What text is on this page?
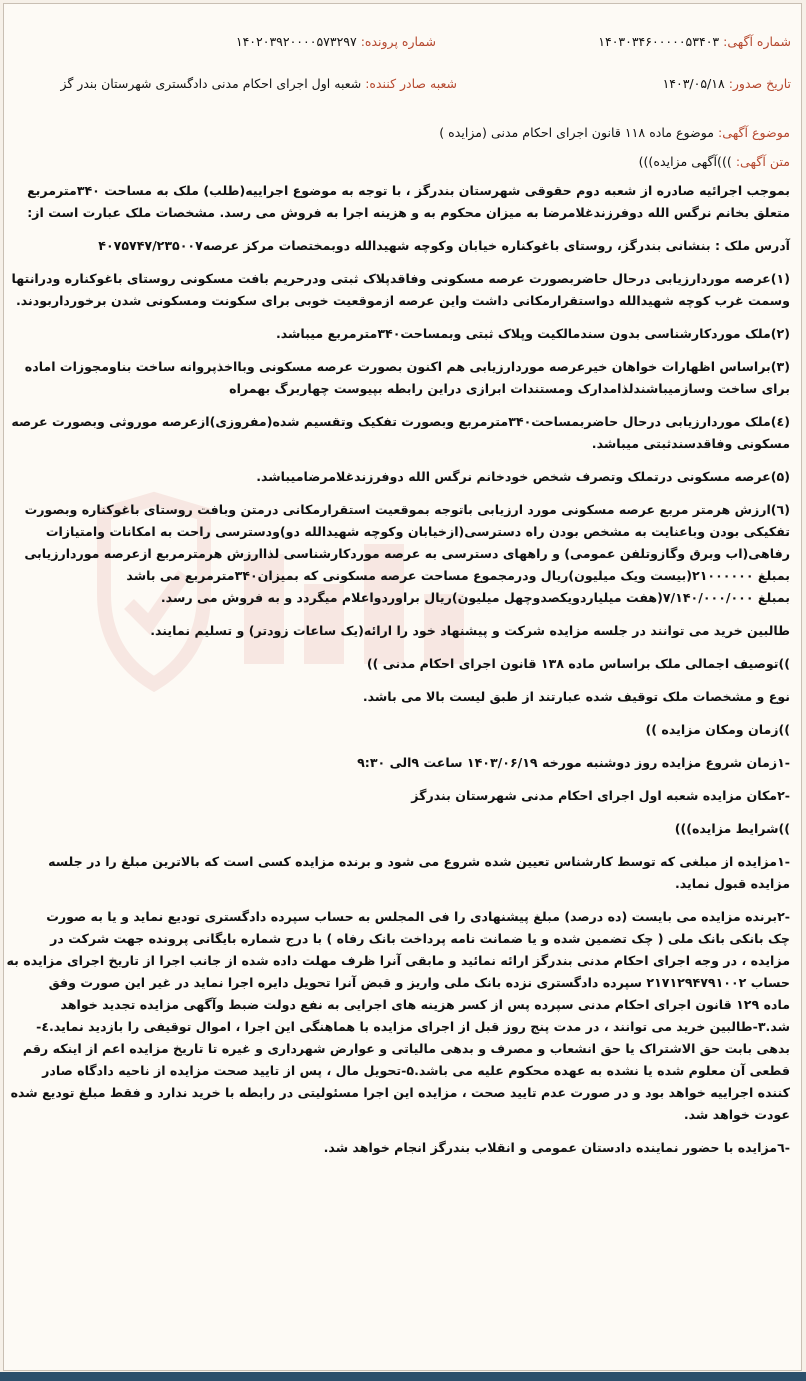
شماره آگهی: ۱۴۰۳۰۳۴۶۰۰۰۰۰۵۳۴۰۳
شماره پرونده: ۱۴۰۲۰۳۹۲۰۰۰۰۵۷۳۲۹۷
تاریخ صدور: ۱۴۰۳/۰۵/۱۸
شعبه صادر کننده: شعبه اول اجرای احکام مدنی دادگستری شهرستان بندر گز

موضوع آگهی: موضوع ماده ۱۱۸ قانون اجرای احکام مدنی (مزایده )

متن آگهی: )))آگهی مزایده)))

بموجب اجرائیه صادره از شعبه دوم حقوقی شهرستان بندرگز ، با توجه به موضوع اجراییه(طلب) ملک به مساحت ۳۴۰مترمربع

متعلق بخانم نرگس الله دوفرزندغلامرضا به میزان محکوم به و هزینه اجرا به فروش می رسد. مشخصات ملک عبارت است از:

آدرس ملک : بنشانی بندرگز، روستای باغوکناره خیابان وکوچه شهیدالله دوبمختصات مرکز عرصه۴۰۷۵۷۴۷/۲۳۵۰۰۷

(۱)عرصه موردارزیابی درحال حاضربصورت عرصه مسکونی وفاقدپلاک ثبتی ودرحریم بافت مسکونی روستای باغوکناره ودرانتها

وسمت غرب کوچه شهیدالله دواستقرارمکانی داشت واین عرصه ازموقعیت خوبی برای سکونت ومسکونی شدن برخورداربودند.

(۲)ملک موردکارشناسی بدون سندمالکیت وپلاک ثبتی وبمساحت۳۴۰مترمربع میباشد.

(۳)براساس اظهارات خواهان خیرعرصه موردارزیابی هم اکنون بصورت عرصه مسکونی وبااخذپروانه ساخت بناومجوزات اماده

برای ساخت وسازمیباشندلذامدارک ومستندات ابرازی دراین رابطه بپیوست چهاربرگ بهمراه

(٤)ملک موردارزیابی درحال حاضربمساحت۳۴۰مترمربع وبصورت تفکیک وتقسیم شده(مفروزی)ازعرصه موروثی وبصورت عرصه

مسکونی وفاقدسندثبتی میباشد.

(۵)عرصه مسکونی درتملک وتصرف شخص خودخانم نرگس الله دوفرزندغلامرضامیباشد.

(٦)ارزش هرمتر مربع عرصه مسکونی مورد ارزیابی باتوجه بموقعیت استقرارمکانی درمتن وبافت روستای باغوکناره وبصورت

تفکیکی بودن وباعنایت به مشخص بودن راه دسترسی(ازخیابان وکوچه شهیدالله دو)ودسترسی راحت به امکانات وامتیازات

رفاهی(اب وبرق وگازوتلفن عمومی) و راههای دسترسی به عرصه موردکارشناسی لذاارزش هرمترمربع ازعرصه موردارزیابی

بمبلغ ۲۱۰۰۰۰۰۰(بیست ویک میلیون)ریال ودرمجموع مساحت عرصه مسکونی که بمیزان۳۴۰مترمربع می باشد

بمبلغ ۷/۱۴۰/۰۰۰/۰۰۰(هفت میلیاردویکصدوچهل میلیون)ریال براوردواعلام میگردد و به فروش می رسد.

طالبین خرید می توانند در جلسه مزایده شرکت و پیشنهاد خود را ارائه(یک ساعات زودتر) و تسلیم نمایند.

))توصیف اجمالی ملک براساس ماده ۱۳۸ قانون اجرای احکام مدنی ))

نوع و مشخصات ملک توقیف شده عبارتند از طبق لیست بالا می باشد.

))زمان ومکان مزایده ))

-۱زمان شروع مزایده روز دوشنبه مورخه ۱۴۰۳/۰۶/۱۹ ساعت ۹الی ۹:۳۰

-۲مکان مزایده شعبه اول اجرای احکام مدنی شهرستان بندرگز

))شرایط مزایده)))

-۱مزایده از مبلغی که توسط کارشناس تعیین شده شروع می شود و برنده مزایده کسی است که بالاترین مبلغ را در جلسه

مزایده قبول نماید.

-۲برنده مزایده می بایست (ده درصد) مبلغ پیشنهادی را فی المجلس به حساب سپرده دادگستری تودیع نماید و یا به صورت

چک بانکی بانک ملی ( چک تضمین شده و یا ضمانت نامه پرداخت بانک رفاه ) با درج شماره بایگانی پرونده جهت شرکت در

مزایده ، در وجه اجرای احکام مدنی بندرگز ارائه نمائید و مابقی آنرا ظرف مهلت داده شده از جانب اجرا از تاریخ اجرای مزایده به

حساب ۲۱۷۱۲۹۴۷۹۱۰۰۲ سپرده دادگستری نزده بانک ملی واریز و قبض آنرا تحویل دایره اجرا نماید در غیر این صورت وفق

ماده ۱۲۹ قانون اجرای احکام مدنی سپرده پس از کسر هزینه های اجرایی به نفع دولت ضبط وآگهی مزایده تجدید خواهد

شد.۳-طالبین خرید می توانند ، در مدت پنج روز قبل از اجرای مزایده با هماهنگی این اجرا ، اموال توقیفی را بازدید نماید.٤-

بدهی بابت حق الاشتراک یا حق انشعاب و مصرف و بدهی مالیاتی و عوارض شهرداری و غیره تا تاریخ مزایده اعم از اینکه رقم

قطعی آن معلوم شده یا نشده به عهده محکوم علیه می باشد.۵-تحویل مال ، پس از تایید صحت مزایده از ناحیه دادگاه صادر

کننده اجراییه خواهد بود و در صورت عدم تایید صحت ، مزایده این اجرا مسئولیتی در رابطه با خرید ندارد و فقط مبلغ تودیع شده

عودت خواهد شد.

-٦مزایده با حضور نماینده دادستان عمومی و انقلاب بندرگز انجام خواهد شد.
